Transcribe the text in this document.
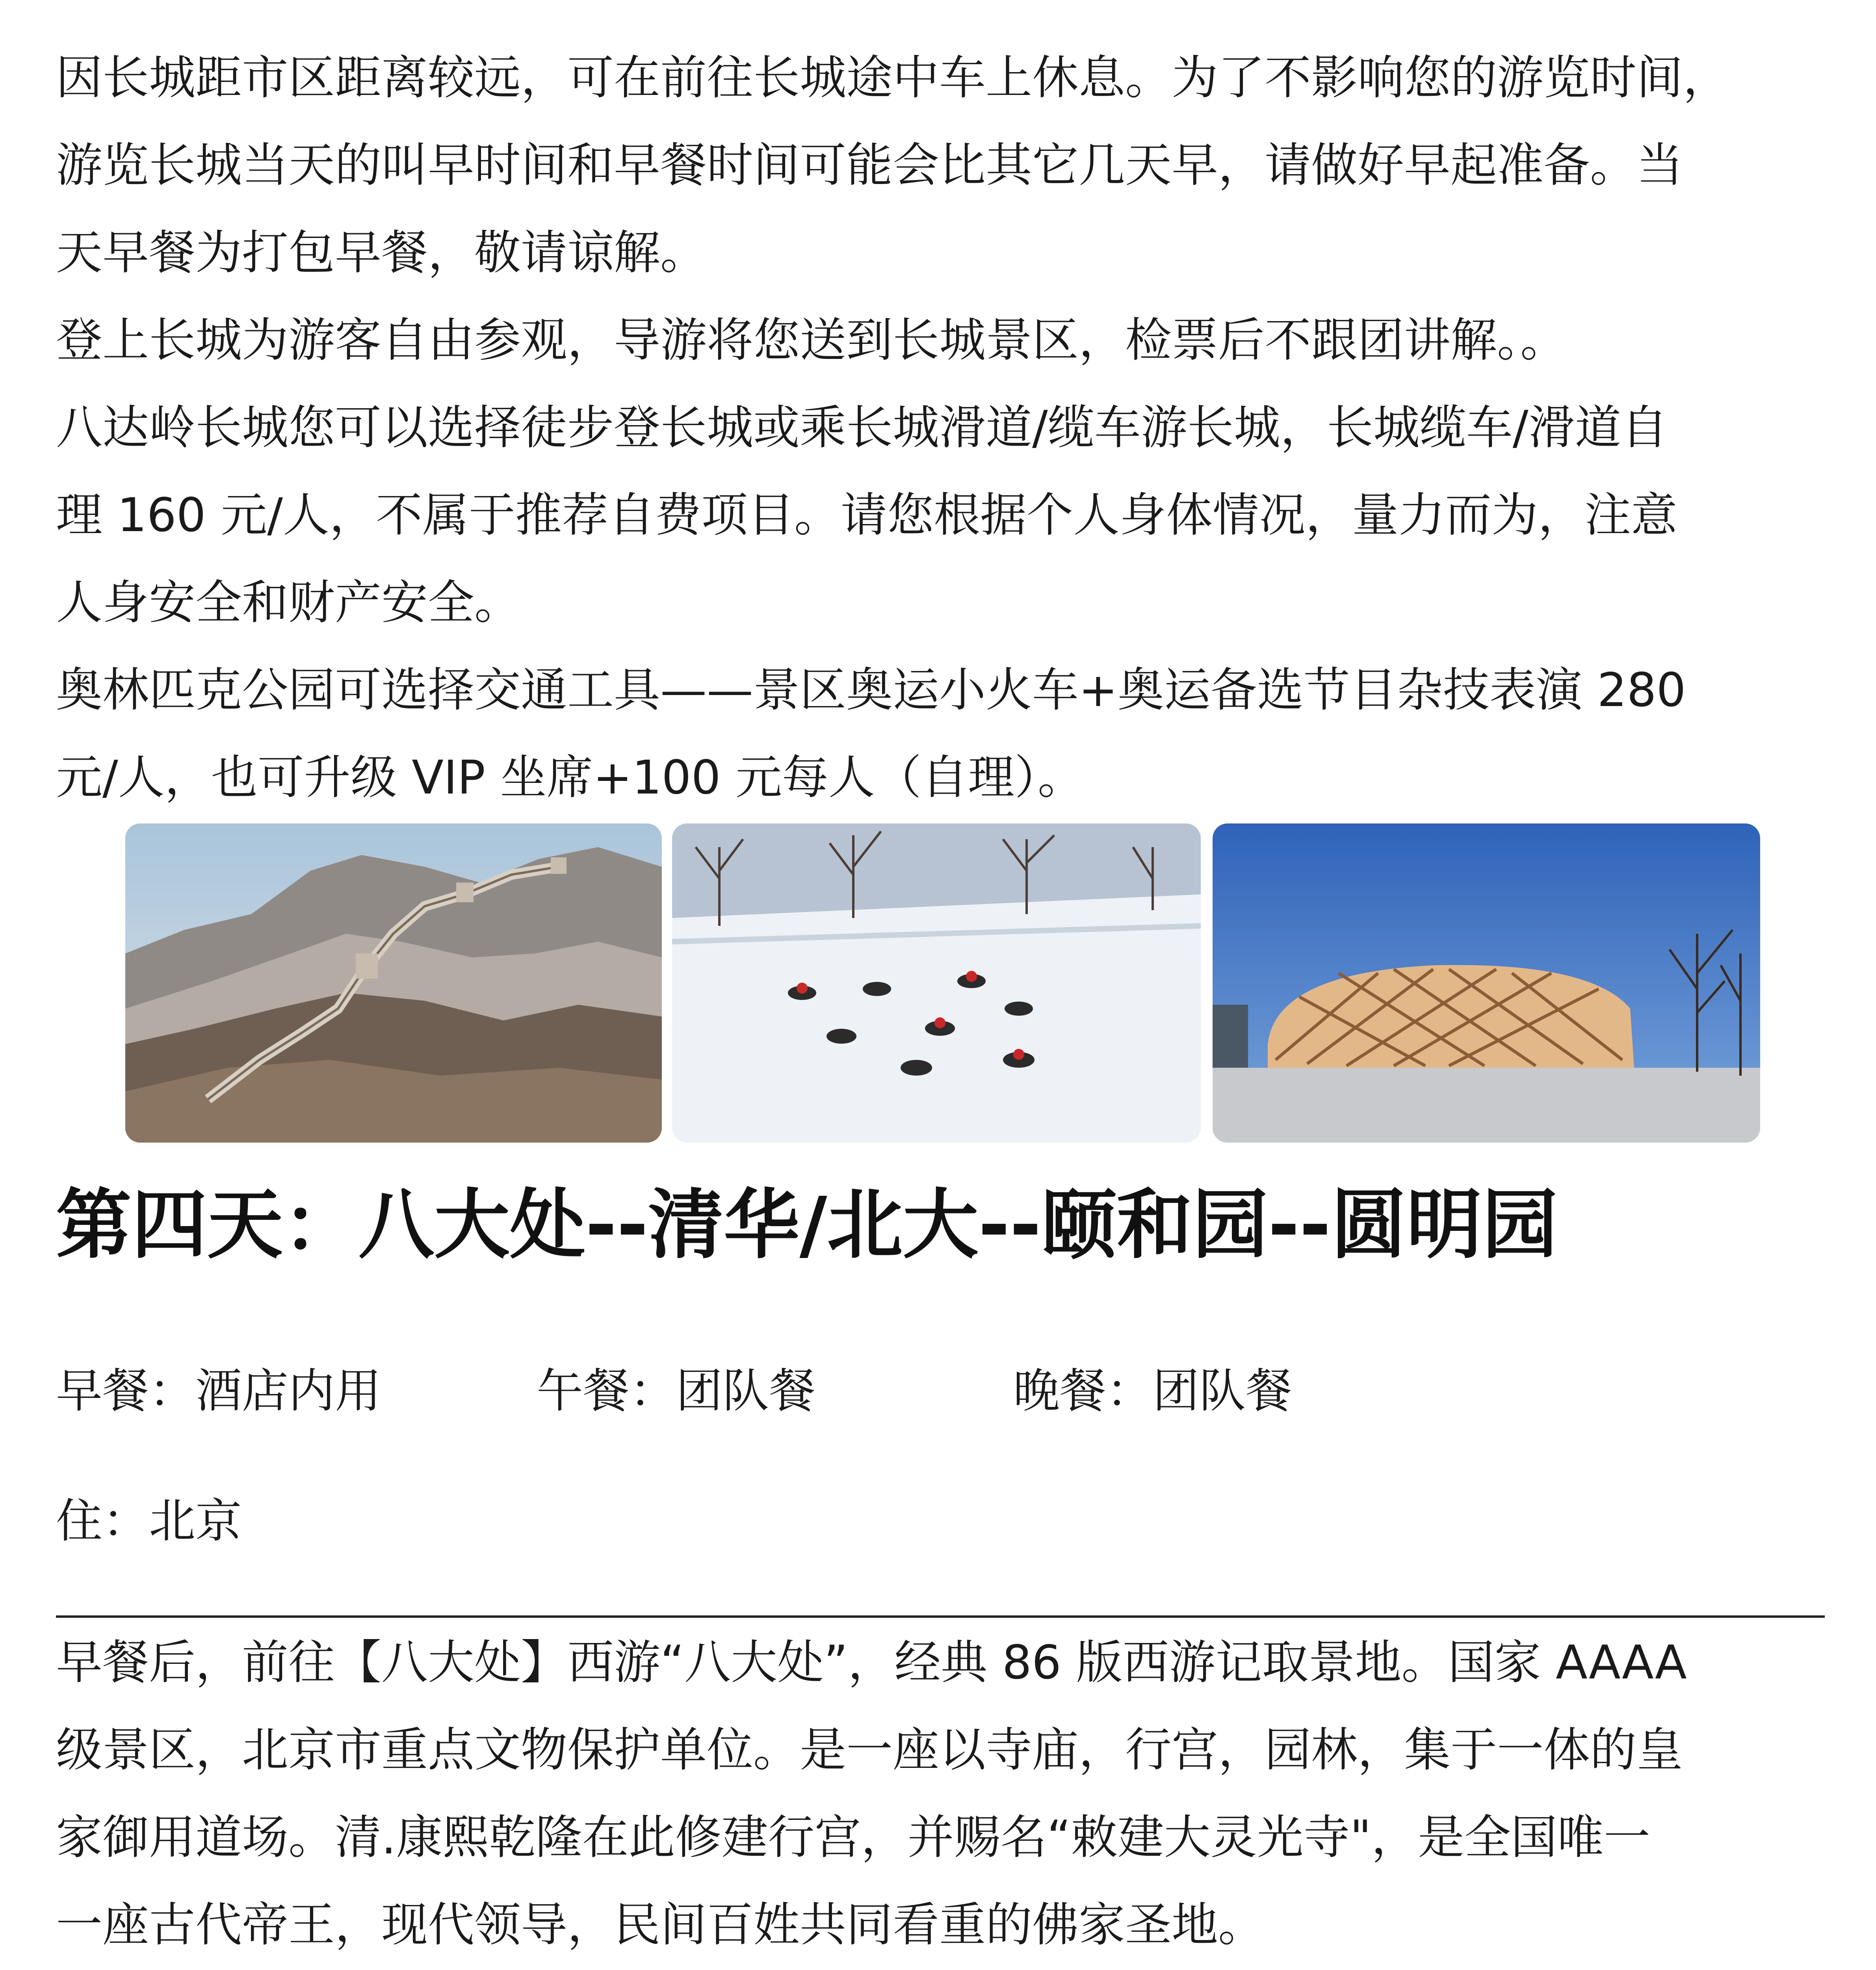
因长城距市区距离较远，可在前往长城途中车上休息。为了不影响您的游览时间，
游览长城当天的叫早时间和早餐时间可能会比其它几天早，请做好早起准备。当
天早餐为打包早餐，敬请谅解。
登上长城为游客自由参观，导游将您送到长城景区，检票后不跟团讲解。。
八达岭长城您可以选择徒步登长城或乘长城滑道/缆车游长城，长城缆车/滑道自
理 160 元/人，不属于推荐自费项目。请您根据个人身体情况，量力而为，注意
人身安全和财产安全。
奥林匹克公园可选择交通工具——景区奥运小火车+奥运备选节目杂技表演 280
元/人，也可升级 VIP 坐席+100 元每人（自理）。
第四天：八大处--清华/北大--颐和园--圆明园
早餐：酒店内用	午餐：团队餐	晚餐：团队餐
住：北京
早餐后，前往【八大处】西游“八大处”，经典 86 版西游记取景地。国家 AAAA
级景区，北京市重点文物保护单位。是一座以寺庙，行宫，园林，集于一体的皇
家御用道场。清.康熙乾隆在此修建行宫，并赐名“敕建大灵光寺"，是全国唯一
一座古代帝王，现代领导，民间百姓共同看重的佛家圣地。
